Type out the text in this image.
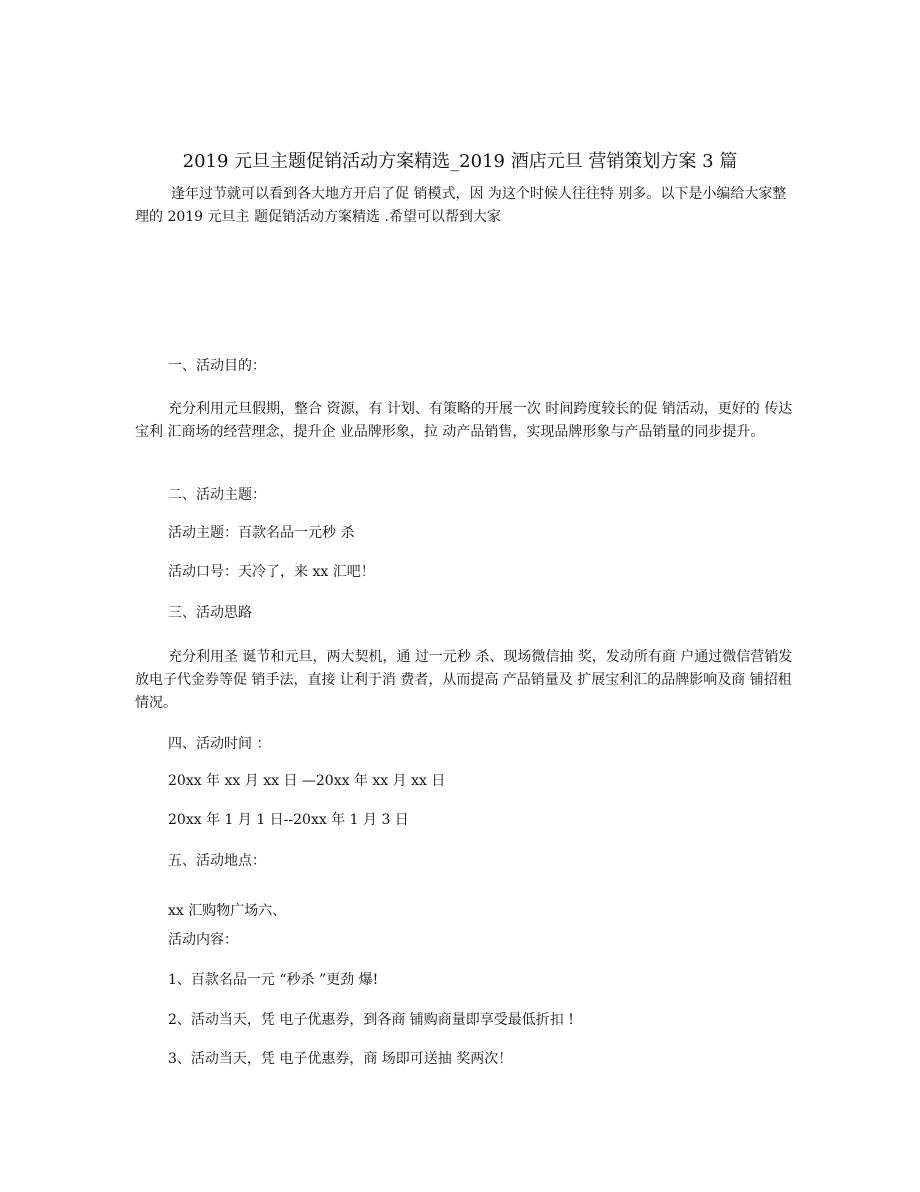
2019 元旦主题促销活动方案精选_2019 酒店元旦 营销策划方案 3 篇
逢年过节就可以看到各大地方开启了促 销模式，因 为这个时候人往往特 别多。以下是小编给大家整理的 2019 元旦主 题促销活动方案精选 .希望可以帮到大家
一、活动目的：
充分利用元旦假期，整合 资源，有 计划、有策略的开展一次 时间跨度较长的促 销活动，更好的 传达宝利 汇商场的经营理念，提升企 业品牌形象，拉 动产品销售，实现品牌形象与产品销量的同步提升。
二、活动主题：
活动主题：百款名品一元秒 杀
活动口号：天冷了，来 xx 汇吧！
三、活动思路
充分利用圣 诞节和元旦，两大契机，通 过一元秒 杀、现场微信抽 奖，发动所有商 户通过微信营销发 放电子代金券等促 销手法，直接 让利于消 费者，从而提高 产品销量及 扩展宝利汇的品牌影响及商 铺招租情况。
四、活动时间 ：
20xx 年 xx 月 xx 日 —20xx 年 xx 月 xx 日
20xx 年 1 月 1 日--20xx 年 1 月 3 日
五、活动地点：
xx 汇购物广场六、
活动内容：
1、百款名品一元 “秒杀 ”更劲 爆!
2、活动当天，凭 电子优惠券，到各商 铺购商量即享受最低折扣 !
3、活动当天，凭 电子优惠券，商 场即可送抽 奖两次！
